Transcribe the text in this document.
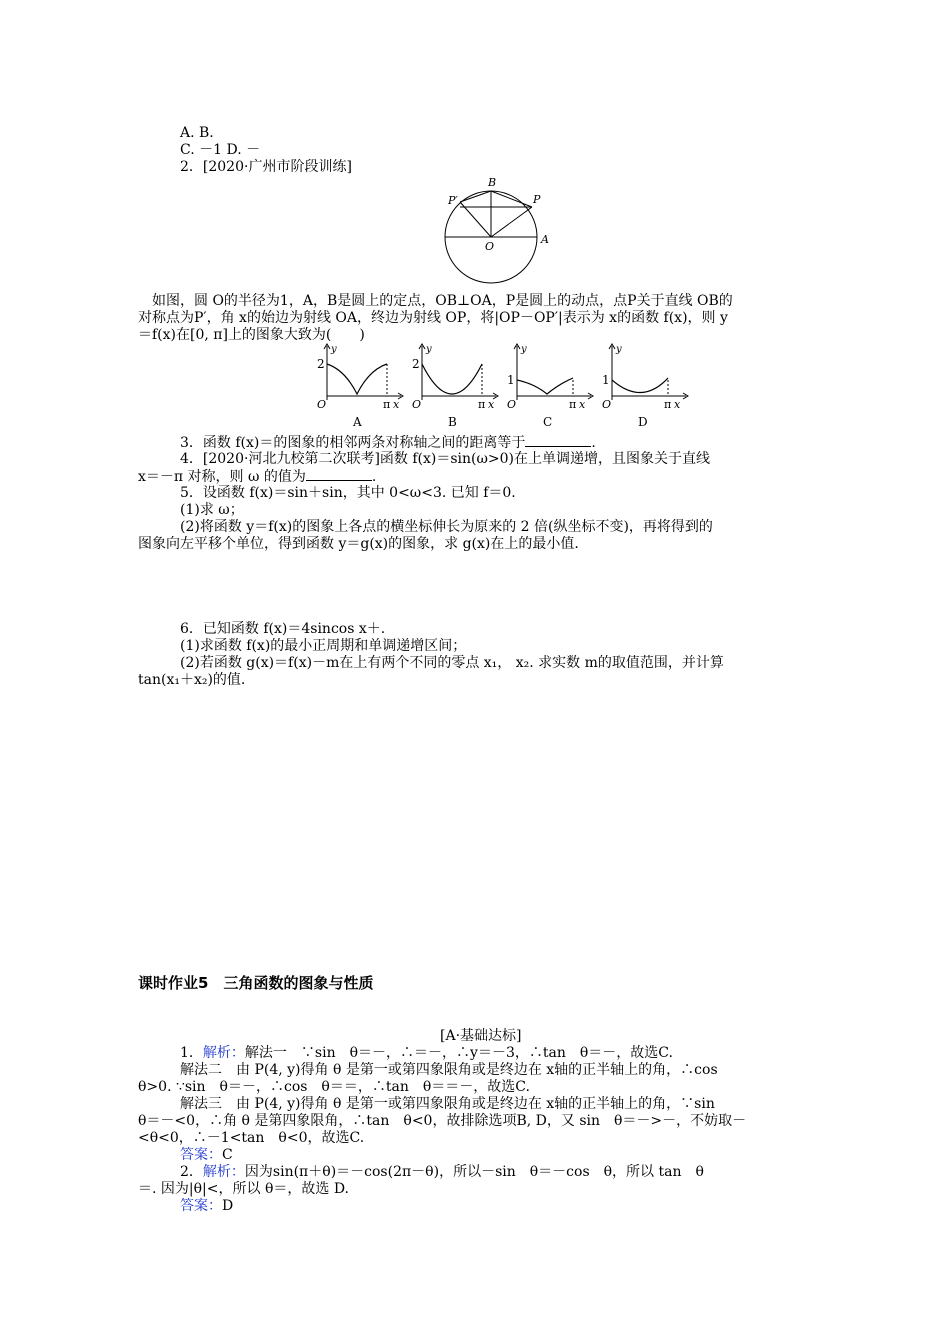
A. B.
C. －1 D. －
2．[2020·广州市阶段训练]
B
P
P′
O
A
　如图，圆 O的半径为1，A，B是圆上的定点，OB⊥OA，P是圆上的动点，点P关于直线 OB的
对称点为P′，角 x的始边为射线 OA，终边为射线 OP，将|OP－OP′|表示为 x的函数 f(x)，则 y
＝f(x)在[0, π]上的图象大致为(　　)
2
O
y
π x
A
2
O
y
π x
B
1
O
y
π x
C
1
O
y
π x
D
3．函数 f(x)＝的图象的相邻两条对称轴之间的距离等于	.
4．[2020·河北九校第二次联考]函数 f(x)＝sin(ω>0)在上单调递增，且图象关于直线
x＝－π 对称，则 ω 的值为	.
5．设函数 f(x)＝sin＋sin，其中 0<ω<3. 已知 f＝0.
(1)求 ω；
(2)将函数 y＝f(x)的图象上各点的横坐标伸长为原来的 2 倍(纵坐标不变)，再将得到的
图象向左平移个单位，得到函数 y＝g(x)的图象，求 g(x)在上的最小值.
6．已知函数 f(x)＝4sincos x＋.
(1)求函数 f(x)的最小正周期和单调递增区间；
(2)若函数 g(x)＝f(x)－m在上有两个不同的零点 x₁， x₂. 求实数 m的取值范围，并计算
tan(x₁＋x₂)的值.
课时作业5　三角函数的图象与性质
[A·基础达标]
1．解析：解法一　∵sin　θ＝－，∴＝－，∴y＝－3，∴tan　θ＝－，故选C.
解法二　由 P(4, y)得角 θ 是第一或第四象限角或是终边在 x轴的正半轴上的角，∴cos
θ>0. ∵sin　θ＝－，∴cos　θ＝＝，∴tan　θ＝＝－，故选C.
解法三　由 P(4, y)得角 θ 是第一或第四象限角或是终边在 x轴的正半轴上的角，∵sin
θ＝－<0，∴角 θ 是第四象限角，∴tan　θ<0，故排除选项B, D，又 sin　θ＝－>－，不妨取－
<θ<0，∴－1<tan　θ<0，故选C.
答案：C
2．解析：因为sin(π＋θ)＝－cos(2π－θ)，所以－sin　θ＝－cos　θ，所以 tan　θ
＝. 因为|θ|<，所以 θ＝，故选 D.
答案：D
